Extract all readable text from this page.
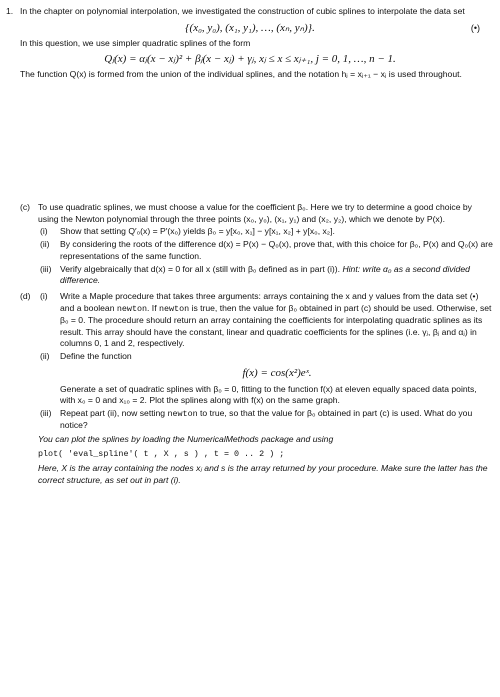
1. In the chapter on polynomial interpolation, we investigated the construction of cubic splines to interpolate the data set

{(x₀, y₀), (x₁, y₁), …, (xₙ, yₙ)}.	(•)

In this question, we use simpler quadratic splines of the form

Qⱼ(x) = αⱼ(x − xⱼ)² + βⱼ(x − xⱼ) + γⱼ, xⱼ ≤ x ≤ xⱼ₊₁, j = 0, 1, …, n − 1.

The function Q(x) is formed from the union of the individual splines, and the notation hⱼ = xⱼ₊₁ − xⱼ is used throughout.

(c) To use quadratic splines, we must choose a value for the coefficient β₀. Here we try to determine a good choice by using the Newton polynomial through the three points (x₀, y₀), (x₁, y₁) and (x₂, y₂), which we denote by P(x).

(i) Show that setting Q′₀(x) = P′(x₀) yields β₀ = y[x₀, x₁] − y[x₁, x₂] + y[x₀, x₂].

(ii) By considering the roots of the difference d(x) = P(x) − Q₀(x), prove that, with this choice for β₀, P(x) and Q₀(x) are representations of the same function.

(iii) Verify algebraically that d(x) = 0 for all x (still with β₀ defined as in part (i)). Hint: write α₀ as a second divided difference.

(d) (i) Write a Maple procedure that takes three arguments: arrays containing the x and y values from the data set (•) and a boolean newton. If newton is true, then the value for β₀ obtained in part (c) should be used. Otherwise, set β₀ = 0. The procedure should return an array containing the coefficients for interpolating quadratic splines as its result. This array should have the constant, linear and quadratic coefficients for the splines (i.e. γⱼ, βⱼ and αⱼ) in columns 0, 1 and 2, respectively.

(ii) Define the function

f(x) = cos(x²)eˣ.

Generate a set of quadratic splines with β₀ = 0, fitting to the function f(x) at eleven equally spaced data points, with x₀ = 0 and x₁₀ = 2. Plot the splines along with f(x) on the same graph.

(iii) Repeat part (ii), now setting newton to true, so that the value for β₀ obtained in part (c) is used. What do you notice?

You can plot the splines by loading the NumericalMethods package and using

plot( 'eval_spline'( t , X , s ) , t = 0 .. 2 ) ;

Here, X is the array containing the nodes xⱼ and s is the array returned by your procedure. Make sure the latter has the correct structure, as set out in part (i).
